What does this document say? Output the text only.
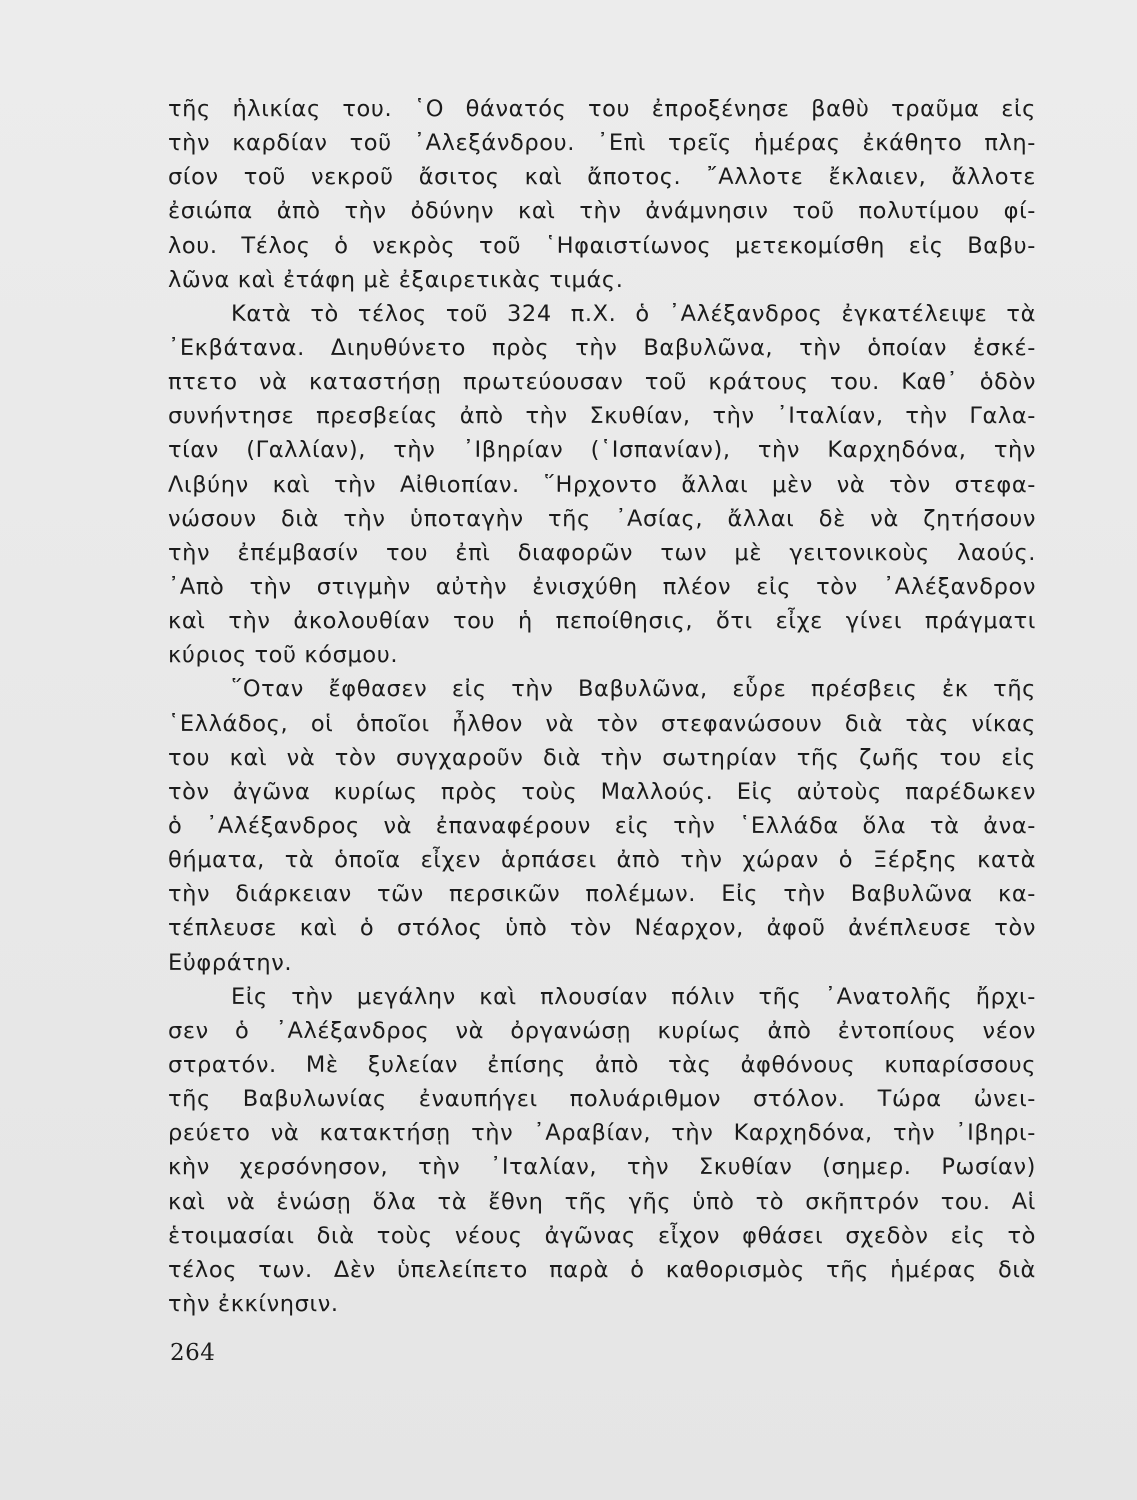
τῆς ἡλικίας του. ῾Ο θάνατός του ἐπροξένησε βαθὺ τραῦμα εἰς
τὴν καρδίαν τοῦ ᾿Αλεξάνδρου. ᾿Επὶ τρεῖς ἡμέρας ἐκάθητο πλη-
σίον τοῦ νεκροῦ ἄσιτος καὶ ἄποτος. ῎Αλλοτε ἔκλαιεν, ἄλλοτε
ἐσιώπα ἀπὸ τὴν ὀδύνην καὶ τὴν ἀνάμνησιν τοῦ πολυτίμου φί-
λου. Τέλος ὁ νεκρὸς τοῦ ῾Ηφαιστίωνος μετεκομίσθη εἰς Βαβυ-
λῶνα καὶ ἐτάφη μὲ ἐξαιρετικὰς τιμάς.
Κατὰ τὸ τέλος τοῦ 324 π.Χ. ὁ ᾿Αλέξανδρος ἐγκατέλειψε τὰ
᾿Εκβάτανα. Διηυθύνετο πρὸς τὴν Βαβυλῶνα, τὴν ὁποίαν ἐσκέ-
πτετο νὰ καταστήσῃ πρωτεύουσαν τοῦ κράτους του. Καθ᾿ ὁδὸν
συνήντησε πρεσβείας ἀπὸ τὴν Σκυθίαν, τὴν ᾿Ιταλίαν, τὴν Γαλα-
τίαν (Γαλλίαν), τὴν ᾿Ιβηρίαν (῾Ισπανίαν), τὴν Καρχηδόνα, τὴν
Λιβύην καὶ τὴν Αἰθιοπίαν. ῞Ηρχοντο ἄλλαι μὲν νὰ τὸν στεφα-
νώσουν διὰ τὴν ὑποταγὴν τῆς ᾿Ασίας, ἄλλαι δὲ νὰ ζητήσουν
τὴν ἐπέμβασίν του ἐπὶ διαφορῶν των μὲ γειτονικοὺς λαούς.
᾿Απὸ τὴν στιγμὴν αὐτὴν ἐνισχύθη πλέον εἰς τὸν ᾿Αλέξανδρον
καὶ τὴν ἀκολουθίαν του ἡ πεποίθησις, ὅτι εἶχε γίνει πράγματι
κύριος τοῦ κόσμου.
῞Οταν ἔφθασεν εἰς τὴν Βαβυλῶνα, εὗρε πρέσβεις ἐκ τῆς
῾Ελλάδος, οἱ ὁποῖοι ἦλθον νὰ τὸν στεφανώσουν διὰ τὰς νίκας
του καὶ νὰ τὸν συγχαροῦν διὰ τὴν σωτηρίαν τῆς ζωῆς του εἰς
τὸν ἀγῶνα κυρίως πρὸς τοὺς Μαλλούς. Εἰς αὐτοὺς παρέδωκεν
ὁ ᾿Αλέξανδρος νὰ ἐπαναφέρουν εἰς τὴν ῾Ελλάδα ὅλα τὰ ἀνα-
θήματα, τὰ ὁποῖα εἶχεν ἁρπάσει ἀπὸ τὴν χώραν ὁ Ξέρξης κατὰ
τὴν διάρκειαν τῶν περσικῶν πολέμων. Εἰς τὴν Βαβυλῶνα κα-
τέπλευσε καὶ ὁ στόλος ὑπὸ τὸν Νέαρχον, ἀφοῦ ἀνέπλευσε τὸν
Εὐφράτην.
Εἰς τὴν μεγάλην καὶ πλουσίαν πόλιν τῆς ᾿Ανατολῆς ἤρχι-
σεν ὁ ᾿Αλέξανδρος νὰ ὀργανώσῃ κυρίως ἀπὸ ἐντοπίους νέον
στρατόν. Μὲ ξυλείαν ἐπίσης ἀπὸ τὰς ἀφθόνους κυπαρίσσους
τῆς Βαβυλωνίας ἐναυπήγει πολυάριθμον στόλον. Τώρα ὠνει-
ρεύετο νὰ κατακτήσῃ τὴν ᾿Αραβίαν, τὴν Καρχηδόνα, τὴν ᾿Ιβηρι-
κὴν χερσόνησον, τὴν ᾿Ιταλίαν, τὴν Σκυθίαν (σημερ. Ρωσίαν)
καὶ νὰ ἑνώσῃ ὅλα τὰ ἔθνη τῆς γῆς ὑπὸ τὸ σκῆπτρόν του. Αἱ
ἑτοιμασίαι διὰ τοὺς νέους ἀγῶνας εἶχον φθάσει σχεδὸν εἰς τὸ
τέλος των. Δὲν ὑπελείπετο παρὰ ὁ καθορισμὸς τῆς ἡμέρας διὰ
τὴν ἐκκίνησιν.
264
